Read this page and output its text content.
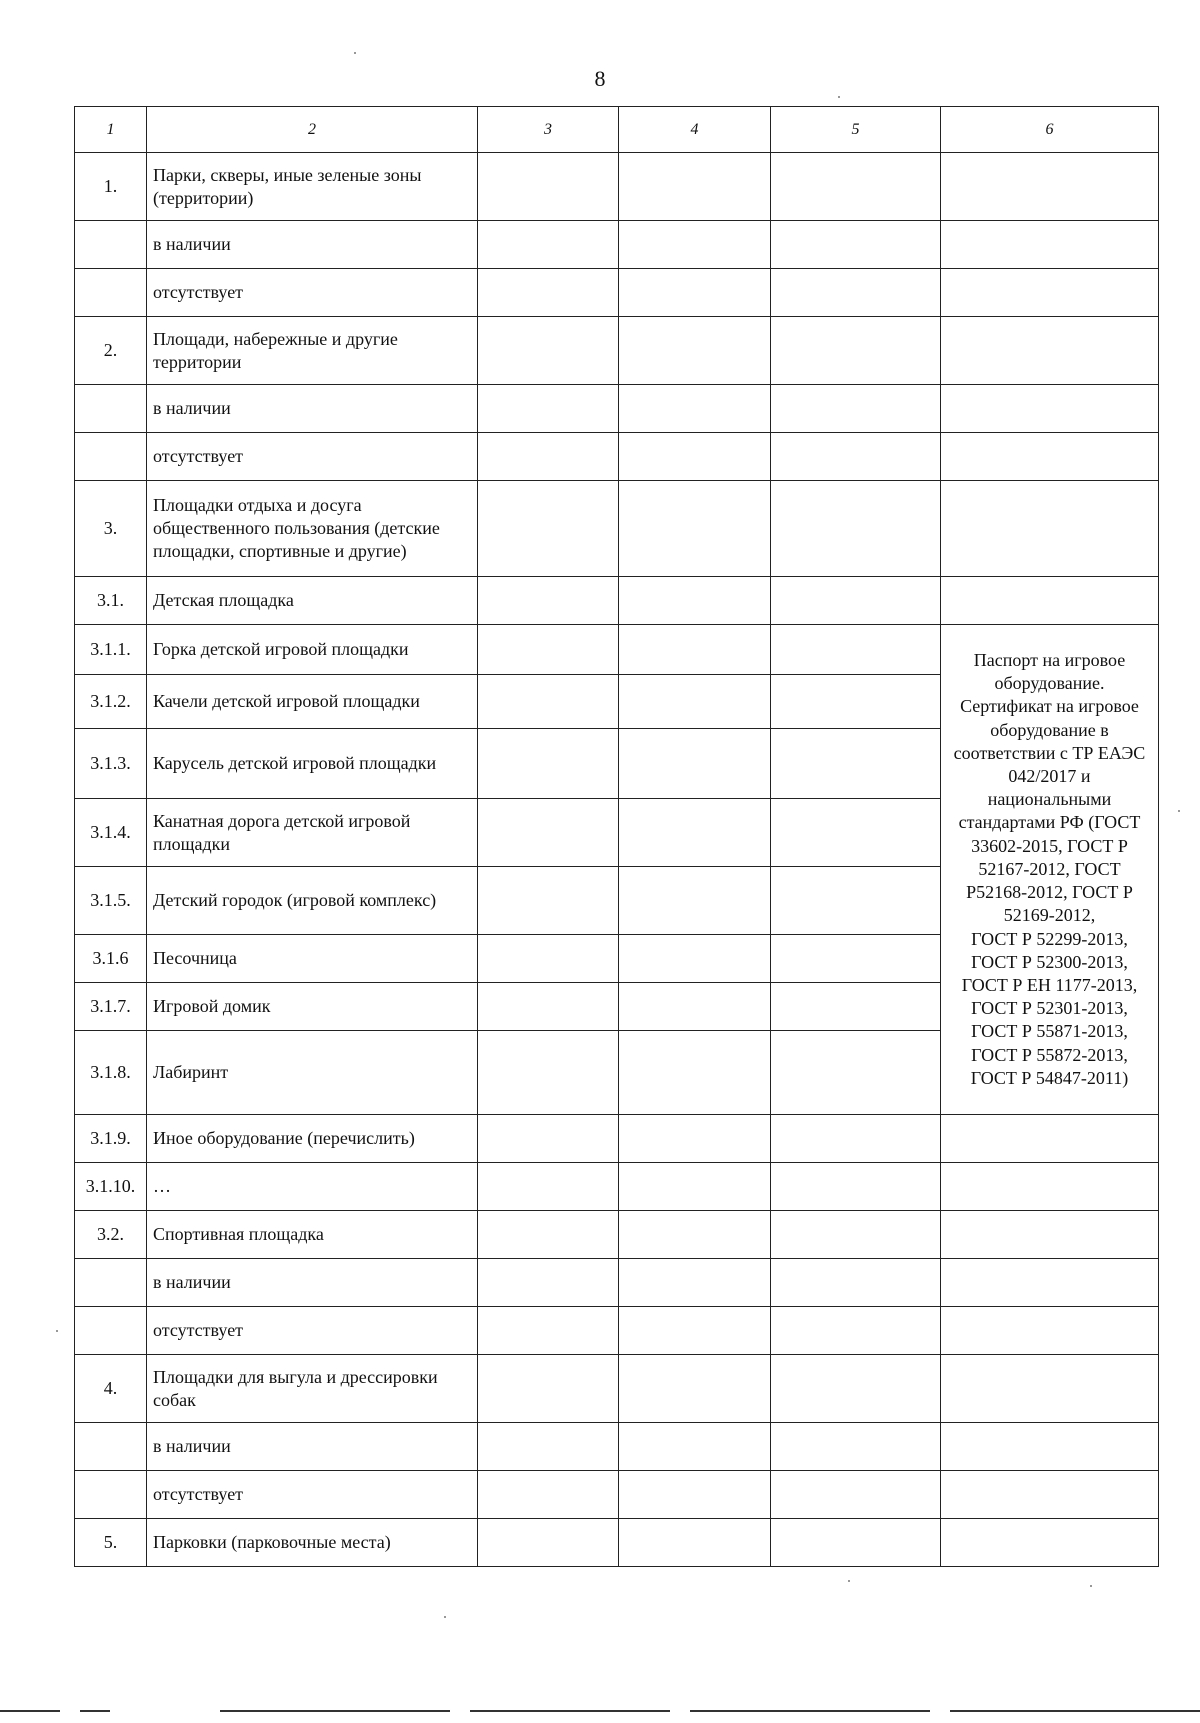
8
1	2	3	4	5	6
1.	Парки, скверы, иные зеленые зоны (территории)				
	в наличии				
	отсутствует				
2.	Площади, набережные и другие территории				
	в наличии				
	отсутствует				
3.	Площадки отдыха и досуга общественного пользования (детские площадки, спортивные и другие)				
3.1.	Детская площадка				
3.1.1.	Горка детской игровой площадки				Паспорт на игровое оборудование. Сертификат на игровое оборудование в соответствии с ТР ЕАЭС 042/2017 и национальными стандартами РФ (ГОСТ 33602-2015, ГОСТ Р 52167-2012, ГОСТ Р52168-2012, ГОСТ Р 52169-2012,
ГОСТ Р 52299-2013, ГОСТ Р 52300-2013, ГОСТ Р ЕН 1177-2013, ГОСТ Р 52301-2013, ГОСТ Р 55871-2013, ГОСТ Р 55872-2013, ГОСТ Р 54847-2011)

3.1.2.	Качели детской игровой площадки				
3.1.3.	Карусель детской игровой площадки				
3.1.4.	Канатная дорога детской игровой площадки				
3.1.5.	Детский городок (игровой комплекс)				
3.1.6	Песочница				
3.1.7.	Игровой домик				
3.1.8.	Лабиринт				
3.1.9.	Иное оборудование (перечислить)				
3.1.10.	…				
3.2.	Спортивная площадка				
	в наличии				
	отсутствует				
4.	Площадки для выгула и дрессировки собак				
	в наличии				
	отсутствует				
5.	Парковки (парковочные места)				
